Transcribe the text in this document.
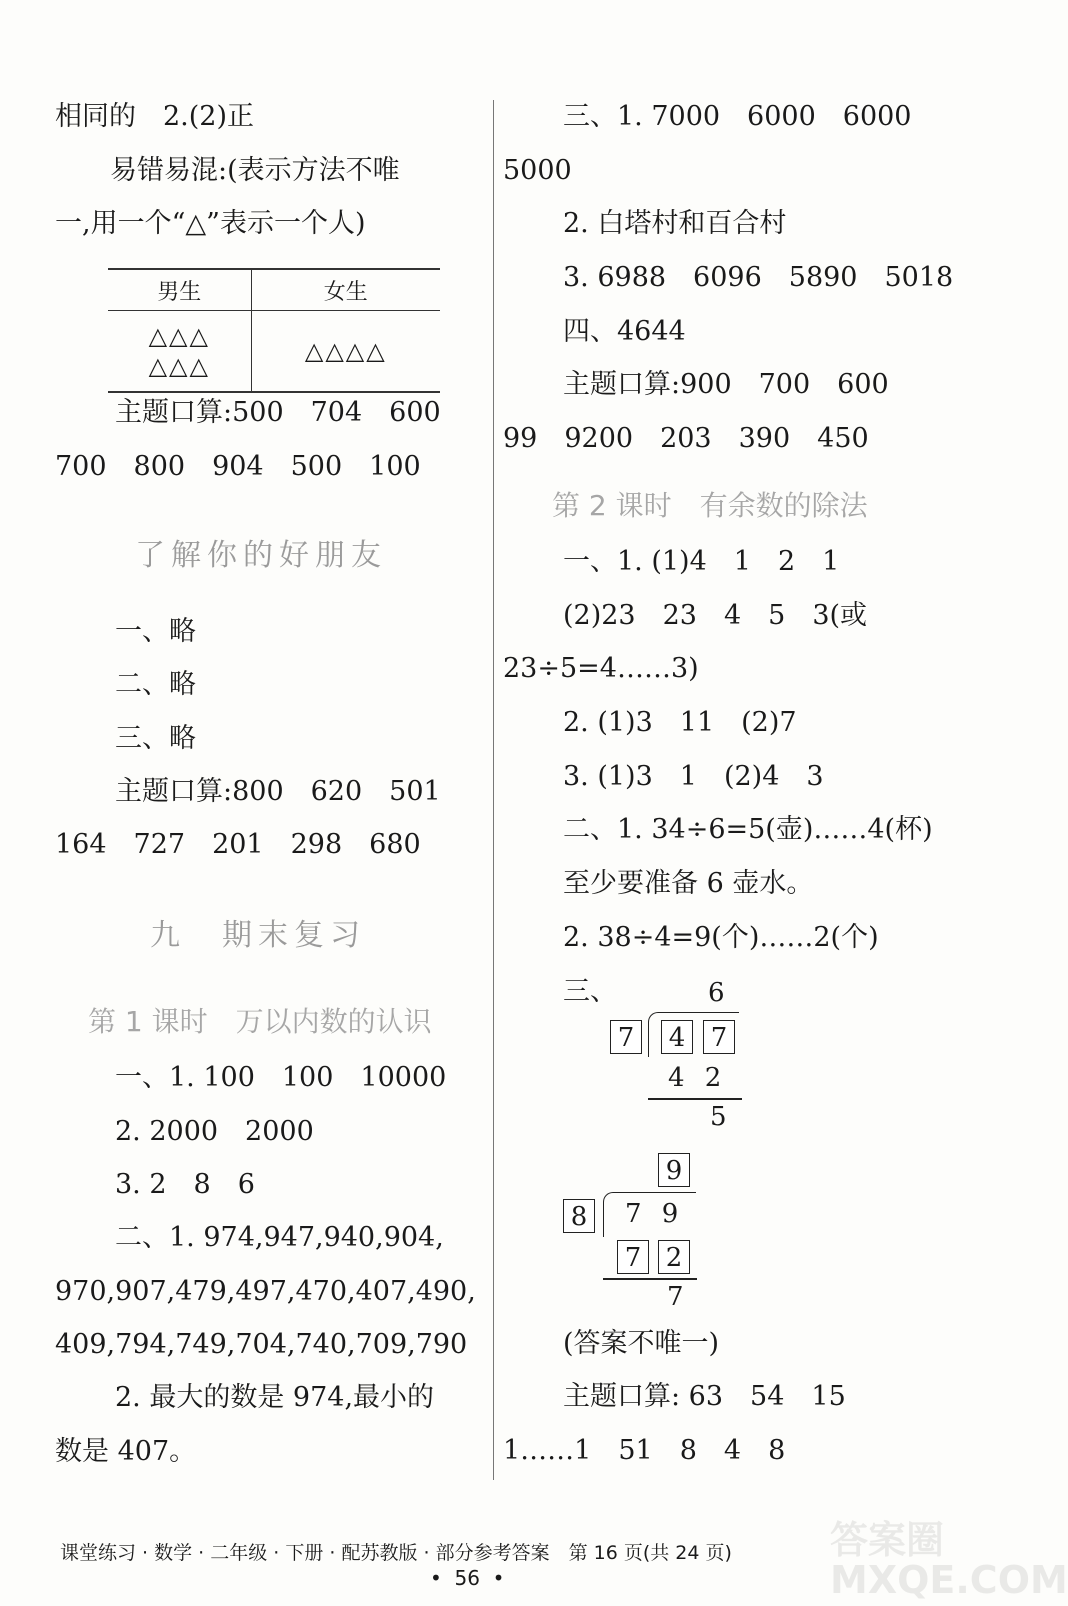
相同的　2.(2)正
易错易混:(表示方法不唯
一,用一个“△”表示一个人)
男生	女生

△△△
△△△	△△△△
主题口算:500　704　600
700　800　904　500　100
了解你的好朋友
一、略
二、略
三、略
主题口算:800　620　501
164　727　201　298　680
九　期末复习
第 1 课时　万以内数的认识
一、1. 100　100　10000
2. 2000　2000
3. 2　8　6
二、1. 974,947,940,904,
970,907,479,497,470,407,490,
409,794,749,704,740,709,790
2. 最大的数是 974,最小的
数是 407。
三、1. 7000　6000　6000
5000
2. 白塔村和百合村
3. 6988　6096　5890　5018
四、4644
主题口算:900　700　600
99　9200　203　390　450
第 2 课时　有余数的除法
一、1. (1)4　1　2　1
(2)23　23　4　5　3(或
23÷5=4……3)
2. (1)3　11　(2)7
3. (1)3　1　(2)4　3
二、1. 34÷6=5(壶)……4(杯)
至少要准备 6 壶水。
2. 38÷4=9(个)……2(个)
三、	6
7 4 7
4 2
5
9
8 7 9
7 2
7
(答案不唯一)
主题口算: 63　54　15
1……1　51　8　4　8
课堂练习 · 数学 · 二年级 · 下册 · 配苏教版 · 部分参考答案　第 16 页(共 24 页)
•  56  •
答案圈
MXQE.COM
